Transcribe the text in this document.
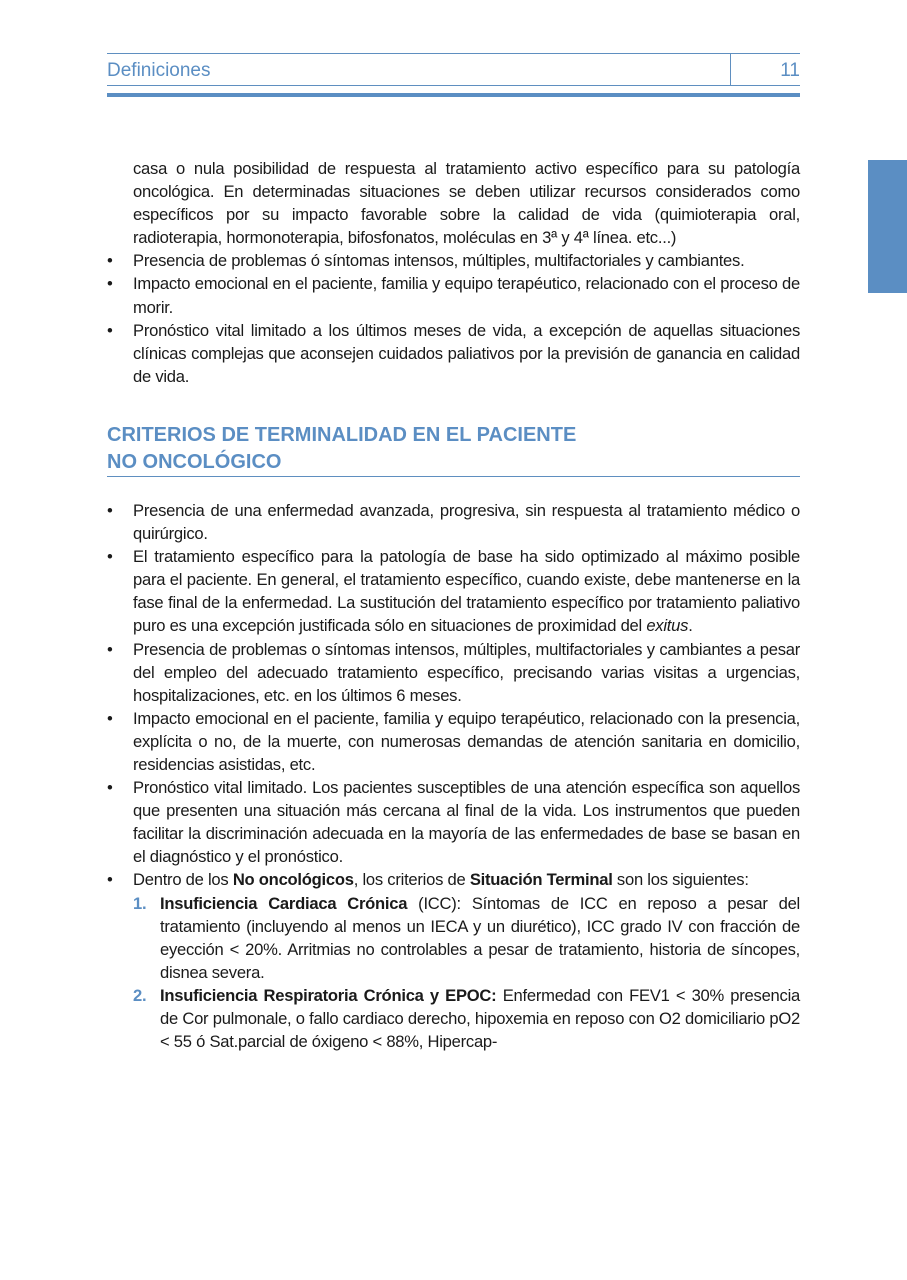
Definiciones	11

casa o nula posibilidad de respuesta al tratamiento activo específico para su patología oncológica. En determinadas situaciones se deben utilizar recursos considerados como específicos por su impacto favorable sobre la calidad de vida (quimioterapia oral, radioterapia, hormonoterapia, bifosfonatos, moléculas en 3ª y 4ª línea. etc...)

• Presencia de problemas ó síntomas intensos, múltiples, multifactoriales y cambiantes.
• Impacto emocional en el paciente, familia y equipo terapéutico, relacionado con el proceso de morir.
• Pronóstico vital limitado a los últimos meses de vida, a excepción de aquellas situaciones clínicas complejas que aconsejen cuidados paliativos por la previsión de ganancia en calidad de vida.
CRITERIOS DE TERMINALIDAD EN EL PACIENTE
NO ONCOLÓGICO
• Presencia de una enfermedad avanzada, progresiva, sin respuesta al tratamiento médico o quirúrgico.
• El tratamiento específico para la patología de base ha sido optimizado al máximo posible para el paciente. En general, el tratamiento específico, cuando existe, debe mantenerse en la fase final de la enfermedad. La sustitución del tratamiento específico por tratamiento paliativo puro es una excepción justificada sólo en situaciones de proximidad del exitus.
• Presencia de problemas o síntomas intensos, múltiples, multifactoriales y cambiantes a pesar del empleo del adecuado tratamiento específico, precisando varias visitas a urgencias, hospitalizaciones, etc. en los últimos 6 meses.
• Impacto emocional en el paciente, familia y equipo terapéutico, relacionado con la presencia, explícita o no, de la muerte, con numerosas demandas de atención sanitaria en domicilio, residencias asistidas, etc.
• Pronóstico vital limitado. Los pacientes susceptibles de una atención específica son aquellos que presenten una situación más cercana al final de la vida. Los instrumentos que pueden facilitar la discriminación adecuada en la mayoría de las enfermedades de base se basan en el diagnóstico y el pronóstico.
• Dentro de los No oncológicos, los criterios de Situación Terminal son los siguientes:
1. Insuficiencia Cardiaca Crónica (ICC): Síntomas de ICC en reposo a pesar del tratamiento (incluyendo al menos un IECA y un diurético), ICC grado IV con fracción de eyección < 20%. Arritmias no controlables a pesar de tratamiento, historia de síncopes, disnea severa.
2. Insuficiencia Respiratoria Crónica y EPOC: Enfermedad con FEV1 < 30% presencia de Cor pulmonale, o fallo cardiaco derecho, hipoxemia en reposo con O2 domiciliario pO2 < 55 ó Sat.parcial de óxigeno < 88%, Hipercap-
